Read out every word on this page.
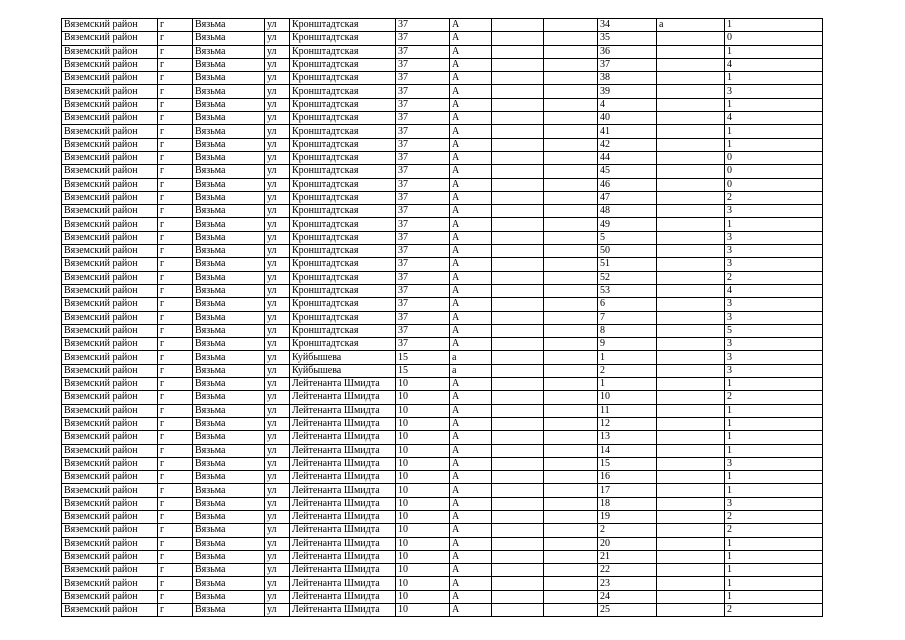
Вяземский район	г	Вязьма	ул	Кронштадтская	37	А			34	а	1
Вяземский район	г	Вязьма	ул	Кронштадтская	37	А			35		0
Вяземский район	г	Вязьма	ул	Кронштадтская	37	А			36		1
Вяземский район	г	Вязьма	ул	Кронштадтская	37	А			37		4
Вяземский район	г	Вязьма	ул	Кронштадтская	37	А			38		1
Вяземский район	г	Вязьма	ул	Кронштадтская	37	А			39		3
Вяземский район	г	Вязьма	ул	Кронштадтская	37	А			4		1
Вяземский район	г	Вязьма	ул	Кронштадтская	37	А			40		4
Вяземский район	г	Вязьма	ул	Кронштадтская	37	А			41		1
Вяземский район	г	Вязьма	ул	Кронштадтская	37	А			42		1
Вяземский район	г	Вязьма	ул	Кронштадтская	37	А			44		0
Вяземский район	г	Вязьма	ул	Кронштадтская	37	А			45		0
Вяземский район	г	Вязьма	ул	Кронштадтская	37	А			46		0
Вяземский район	г	Вязьма	ул	Кронштадтская	37	А			47		2
Вяземский район	г	Вязьма	ул	Кронштадтская	37	А			48		3
Вяземский район	г	Вязьма	ул	Кронштадтская	37	А			49		1
Вяземский район	г	Вязьма	ул	Кронштадтская	37	А			5		3
Вяземский район	г	Вязьма	ул	Кронштадтская	37	А			50		3
Вяземский район	г	Вязьма	ул	Кронштадтская	37	А			51		3
Вяземский район	г	Вязьма	ул	Кронштадтская	37	А			52		2
Вяземский район	г	Вязьма	ул	Кронштадтская	37	А			53		4
Вяземский район	г	Вязьма	ул	Кронштадтская	37	А			6		3
Вяземский район	г	Вязьма	ул	Кронштадтская	37	А			7		3
Вяземский район	г	Вязьма	ул	Кронштадтская	37	А			8		5
Вяземский район	г	Вязьма	ул	Кронштадтская	37	А			9		3
Вяземский район	г	Вязьма	ул	Куйбышева	15	а			1		3
Вяземский район	г	Вязьма	ул	Куйбышева	15	а			2		3
Вяземский район	г	Вязьма	ул	Лейтенанта Шмидта	10	А			1		1
Вяземский район	г	Вязьма	ул	Лейтенанта Шмидта	10	А			10		2
Вяземский район	г	Вязьма	ул	Лейтенанта Шмидта	10	А			11		1
Вяземский район	г	Вязьма	ул	Лейтенанта Шмидта	10	А			12		1
Вяземский район	г	Вязьма	ул	Лейтенанта Шмидта	10	А			13		1
Вяземский район	г	Вязьма	ул	Лейтенанта Шмидта	10	А			14		1
Вяземский район	г	Вязьма	ул	Лейтенанта Шмидта	10	А			15		3
Вяземский район	г	Вязьма	ул	Лейтенанта Шмидта	10	А			16		1
Вяземский район	г	Вязьма	ул	Лейтенанта Шмидта	10	А			17		1
Вяземский район	г	Вязьма	ул	Лейтенанта Шмидта	10	А			18		3
Вяземский район	г	Вязьма	ул	Лейтенанта Шмидта	10	А			19		2
Вяземский район	г	Вязьма	ул	Лейтенанта Шмидта	10	А			2		2
Вяземский район	г	Вязьма	ул	Лейтенанта Шмидта	10	А			20		1
Вяземский район	г	Вязьма	ул	Лейтенанта Шмидта	10	А			21		1
Вяземский район	г	Вязьма	ул	Лейтенанта Шмидта	10	А			22		1
Вяземский район	г	Вязьма	ул	Лейтенанта Шмидта	10	А			23		1
Вяземский район	г	Вязьма	ул	Лейтенанта Шмидта	10	А			24		1
Вяземский район	г	Вязьма	ул	Лейтенанта Шмидта	10	А			25		2
